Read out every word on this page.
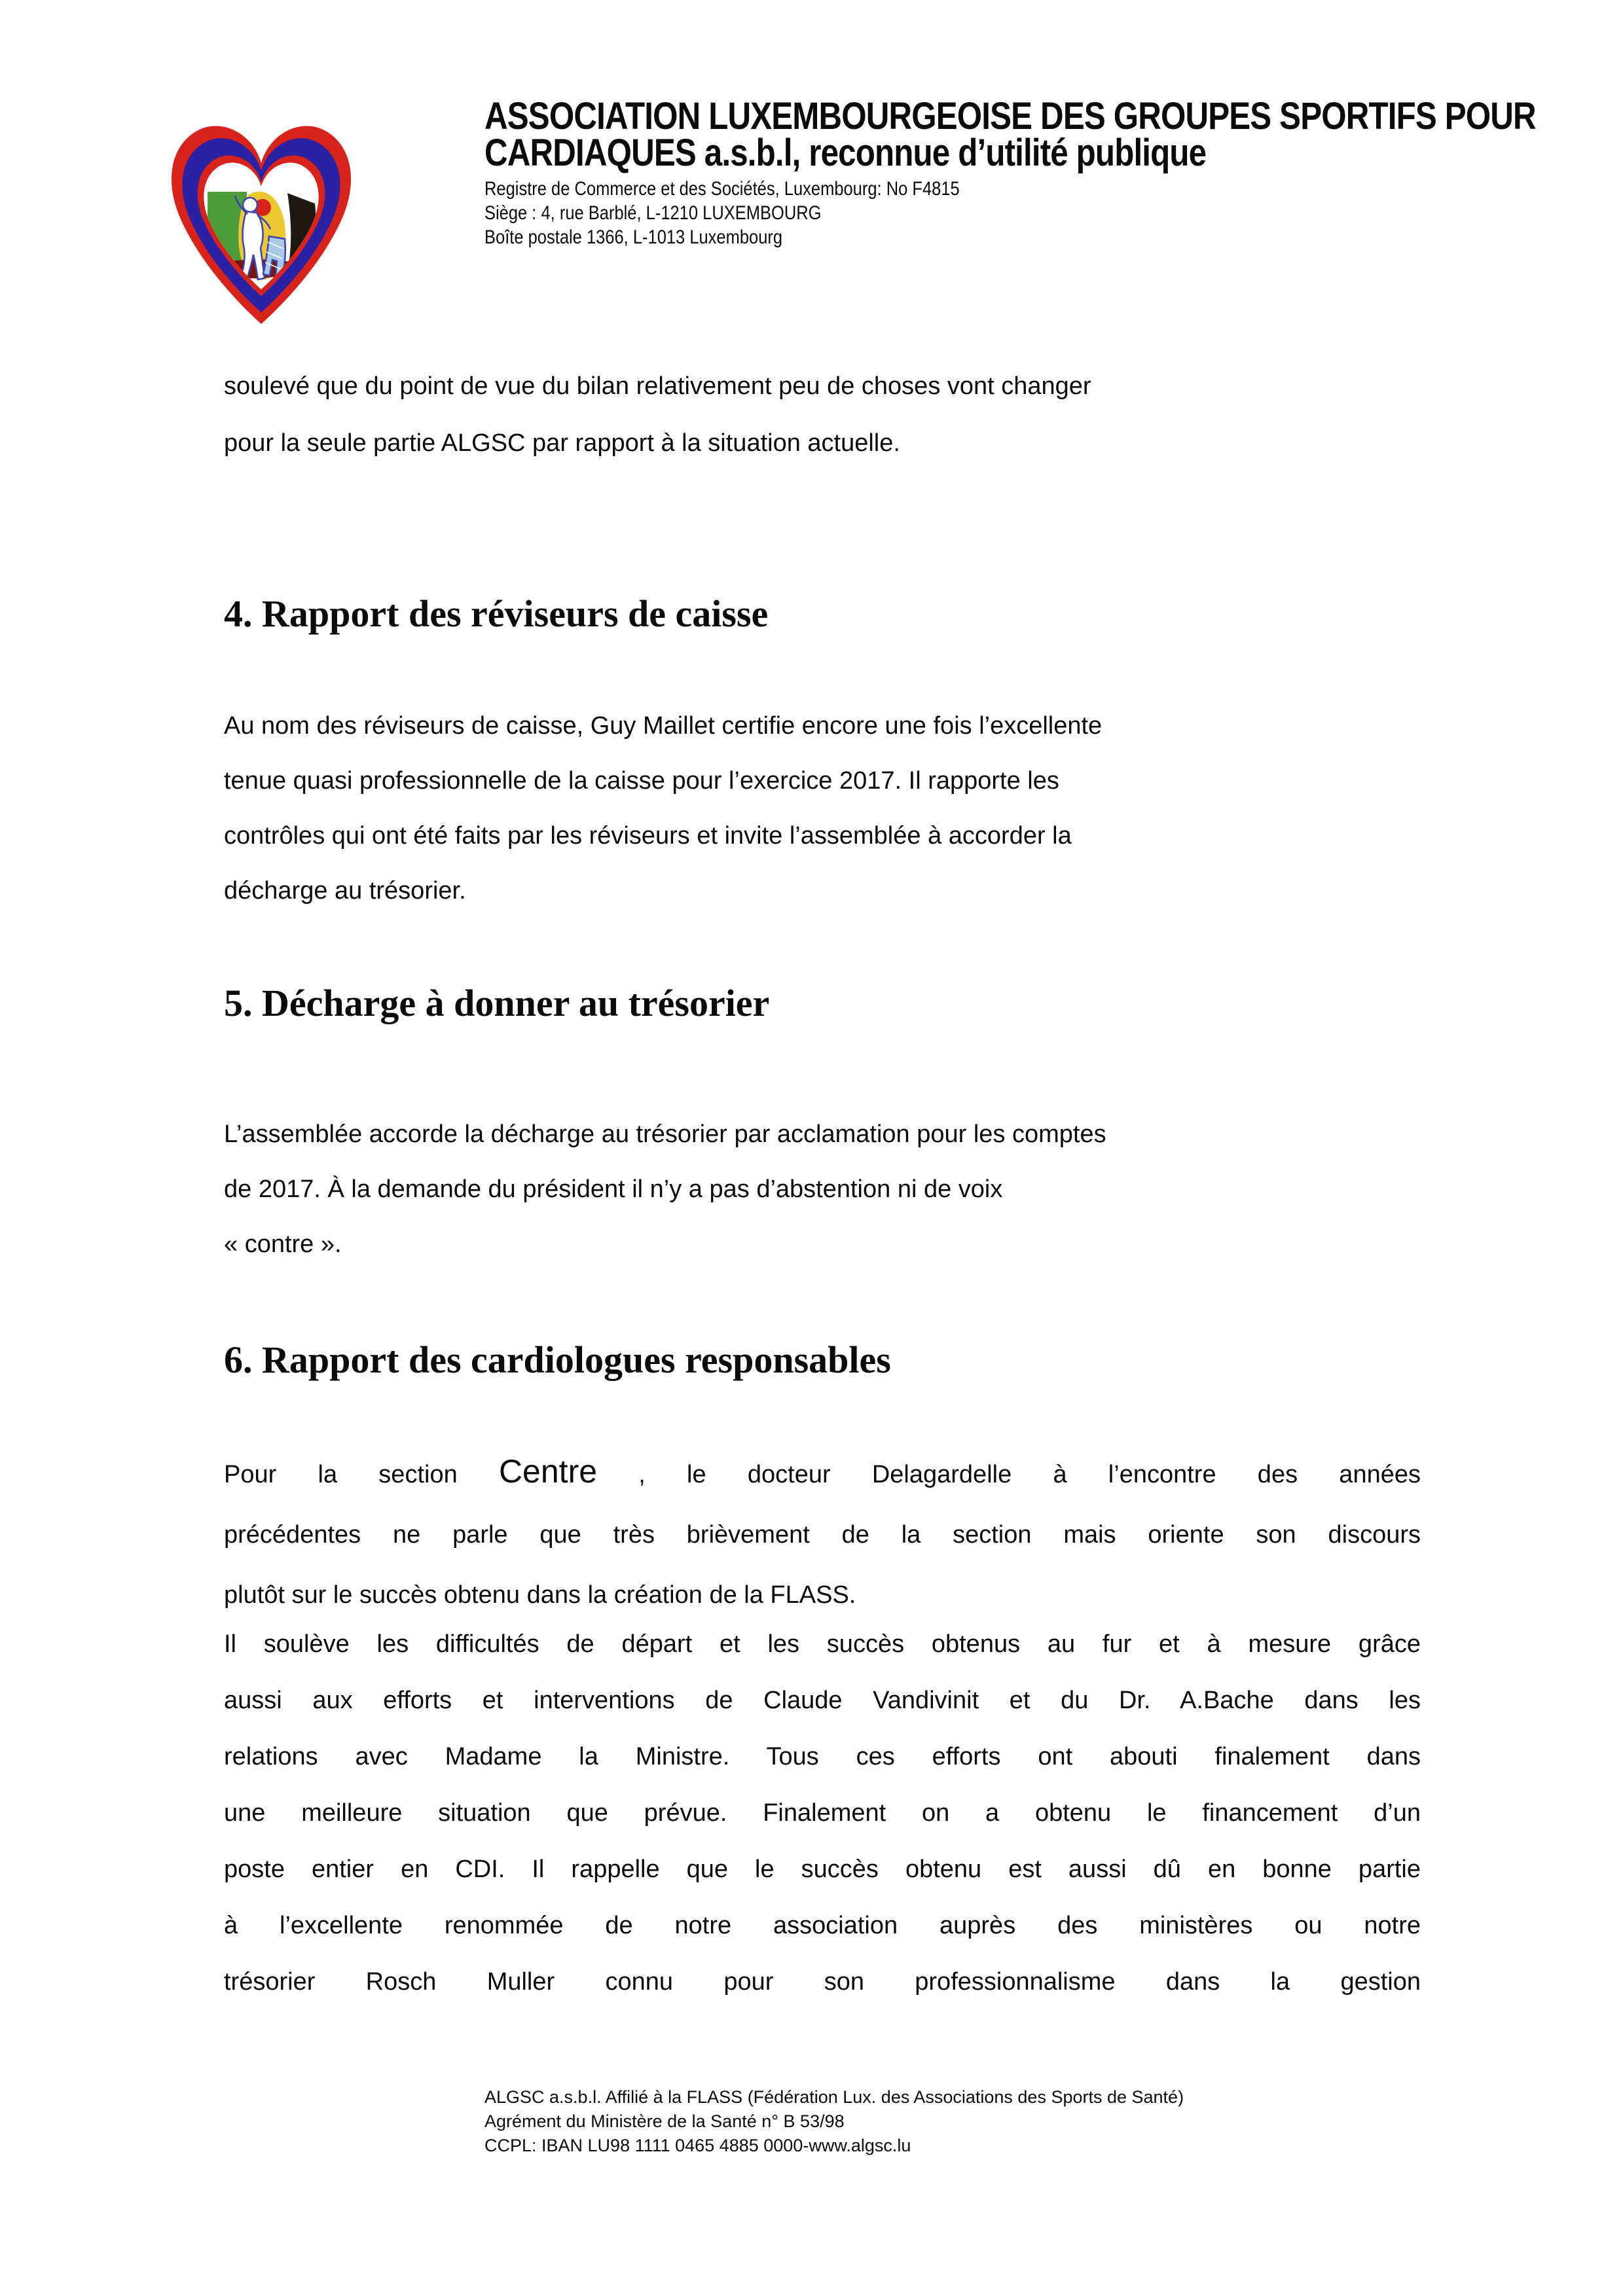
ASSOCIATION LUXEMBOURGEOISE DES GROUPES SPORTIFS POUR
CARDIAQUES a.s.b.l, reconnue d’utilité publique
Registre de Commerce et des Sociétés, Luxembourg: No F4815
Siège : 4, rue Barblé, L-1210 LUXEMBOURG
Boîte postale 1366, L-1013 Luxembourg
soulevé que du point de vue du bilan relativement peu de choses vont changer
pour la seule partie ALGSC par rapport à la situation actuelle.
4. Rapport des réviseurs de caisse
Au nom des réviseurs de caisse, Guy Maillet certifie encore une fois l’excellente
tenue quasi professionnelle de la caisse pour l’exercice 2017. Il rapporte les
contrôles qui ont été faits par les réviseurs et invite l’assemblée à accorder la
décharge au trésorier.
5. Décharge à donner au trésorier
L’assemblée accorde la décharge au trésorier par acclamation pour les comptes
de 2017. À la demande du président il n’y a pas d’abstention ni de voix
« contre ».
6. Rapport des cardiologues responsables
Pour la section Centre , le docteur Delagardelle à l’encontre des années
précédentes ne parle que très brièvement de la section mais oriente son discours
plutôt sur le succès obtenu dans la création de la FLASS.
Il soulève les difficultés de départ et les succès obtenus au fur et à mesure grâce
aussi aux efforts et interventions de Claude Vandivinit et du Dr. A.Bache dans les
relations avec Madame la Ministre. Tous ces efforts ont abouti finalement dans
une meilleure situation que prévue. Finalement on a obtenu le financement d’un
poste entier en CDI. Il rappelle que le succès obtenu est aussi dû en bonne partie
à l’excellente renommée de notre association auprès des ministères ou notre
trésorier Rosch Muller connu pour son professionnalisme dans la gestion
ALGSC a.s.b.l. Affilié à la FLASS (Fédération Lux. des Associations des Sports de Santé)
Agrément du Ministère de la Santé n° B 53/98
CCPL: IBAN LU98 1111 0465 4885 0000-www.algsc.lu
